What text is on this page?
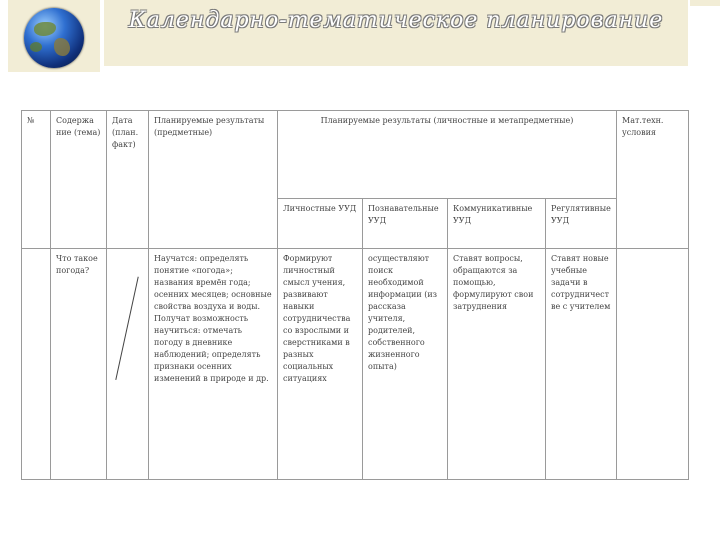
Календарно-тематическое планирование
№	Содержа ние (тема)	Дата (план. факт)	Планируемые результаты (предметные)	Планируемые результаты (личностные и метапредметные)				Мат.техн. условия
				Личностные УУД	Познавательные УУД	Коммуникативные УУД	Регулятивные УУД	
	Что такое погода?		Научатся: определять понятие «погода»; названия времён года; осенних месяцев; основные свойства воздуха и воды. Получат возможность научиться: отмечать погоду в дневнике наблюдений; определять признаки осенних изменений в природе и др.	Формируют личностный смысл учения, развивают навыки сотрудничества со взрослыми и сверстниками в разных социальных ситуациях	осуществляют поиск необходимой информации (из рассказа учителя, родителей, собственного жизненного опыта)	Ставят вопросы, обращаются за помощью, формулируют свои затруднения	Ставят новые учебные задачи в сотрудничестве с учителем	
